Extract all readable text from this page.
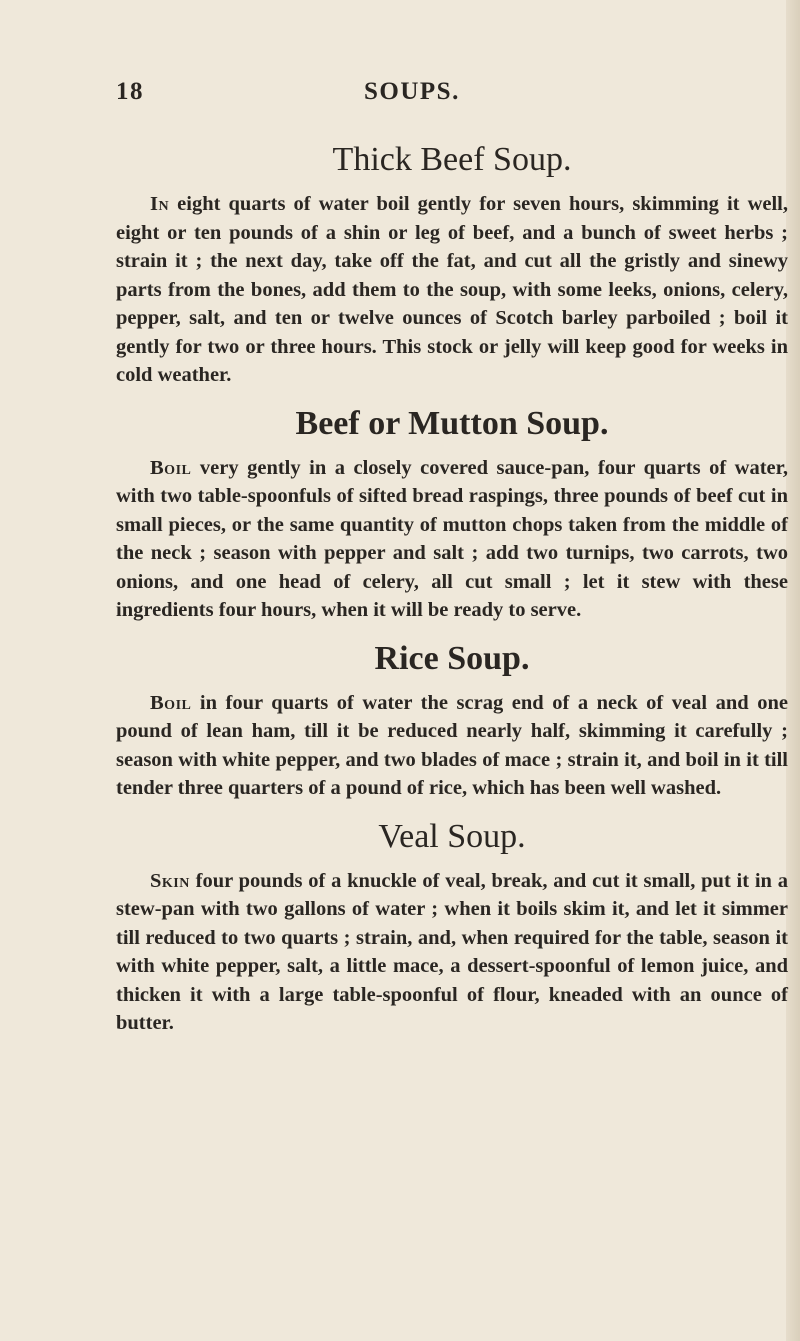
18	SOUPS.
Thick Beef Soup.

In eight quarts of water boil gently for seven hours, skimming it well, eight or ten pounds of a shin or leg of beef, and a bunch of sweet herbs ; strain it ; the next day, take off the fat, and cut all the gristly and sinewy parts from the bones, add them to the soup, with some leeks, onions, celery, pepper, salt, and ten or twelve ounces of Scotch barley parboiled ; boil it gently for two or three hours. This stock or jelly will keep good for weeks in cold weather.

Beef or Mutton Soup.

Boil very gently in a closely covered sauce-pan, four quarts of water, with two table-spoonfuls of sifted bread raspings, three pounds of beef cut in small pieces, or the same quantity of mutton chops taken from the middle of the neck ; season with pepper and salt ; add two turnips, two carrots, two onions, and one head of celery, all cut small ; let it stew with these ingredients four hours, when it will be ready to serve.

Rice Soup.

Boil in four quarts of water the scrag end of a neck of veal and one pound of lean ham, till it be reduced nearly half, skimming it carefully ; season with white pepper, and two blades of mace ; strain it, and boil in it till tender three quarters of a pound of rice, which has been well washed.

Veal Soup.

Skin four pounds of a knuckle of veal, break, and cut it small, put it in a stew-pan with two gallons of water ; when it boils skim it, and let it simmer till reduced to two quarts ; strain, and, when required for the table, season it with white pepper, salt, a little mace, a dessert-spoonful of lemon juice, and thicken it with a large table-spoonful of flour, kneaded with an ounce of butter.
